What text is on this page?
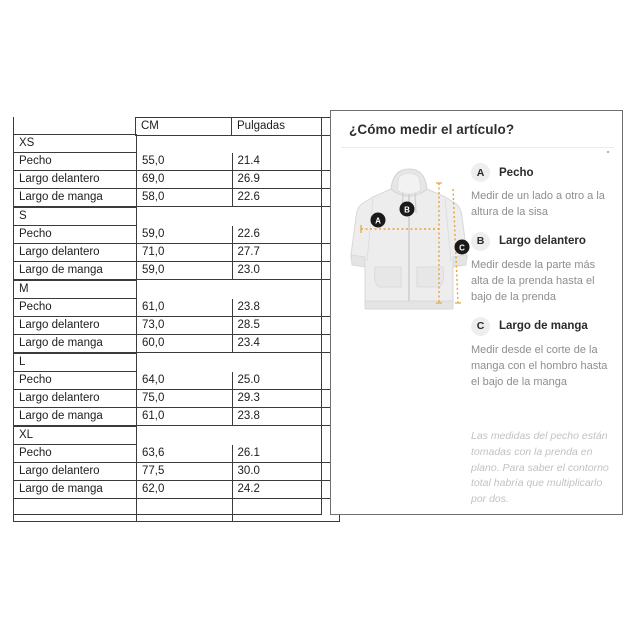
	CM	Pulgadas
XS		
Pecho	55,0	21.4
Largo delantero	69,0	26.9
Largo de manga	58,0	22.6
S		
Pecho	59,0	22.6
Largo delantero	71,0	27.7
Largo de manga	59,0	23.0
M		
Pecho	61,0	23.8
Largo delantero	73,0	28.5
Largo de manga	60,0	23.4
L		
Pecho	64,0	25.0
Largo delantero	75,0	29.3
Largo de manga	61,0	23.8
XL		
Pecho	63,6	26.1
Largo delantero	77,5	30.0
Largo de manga	62,0	24.2

¿Cómo medir el artículo?
A
B
C
A	Pecho

Medir de un lado a otro a la altura de la sisa

B	Largo delantero

Medir desde la parte más alta de la prenda hasta el bajo de la prenda

C	Largo de manga

Medir desde el corte de la manga con el hombro hasta el bajo de la manga

Las medidas del pecho están tomadas con la prenda en plano. Para saber el contorno total habría que multiplicarlo por dos.
